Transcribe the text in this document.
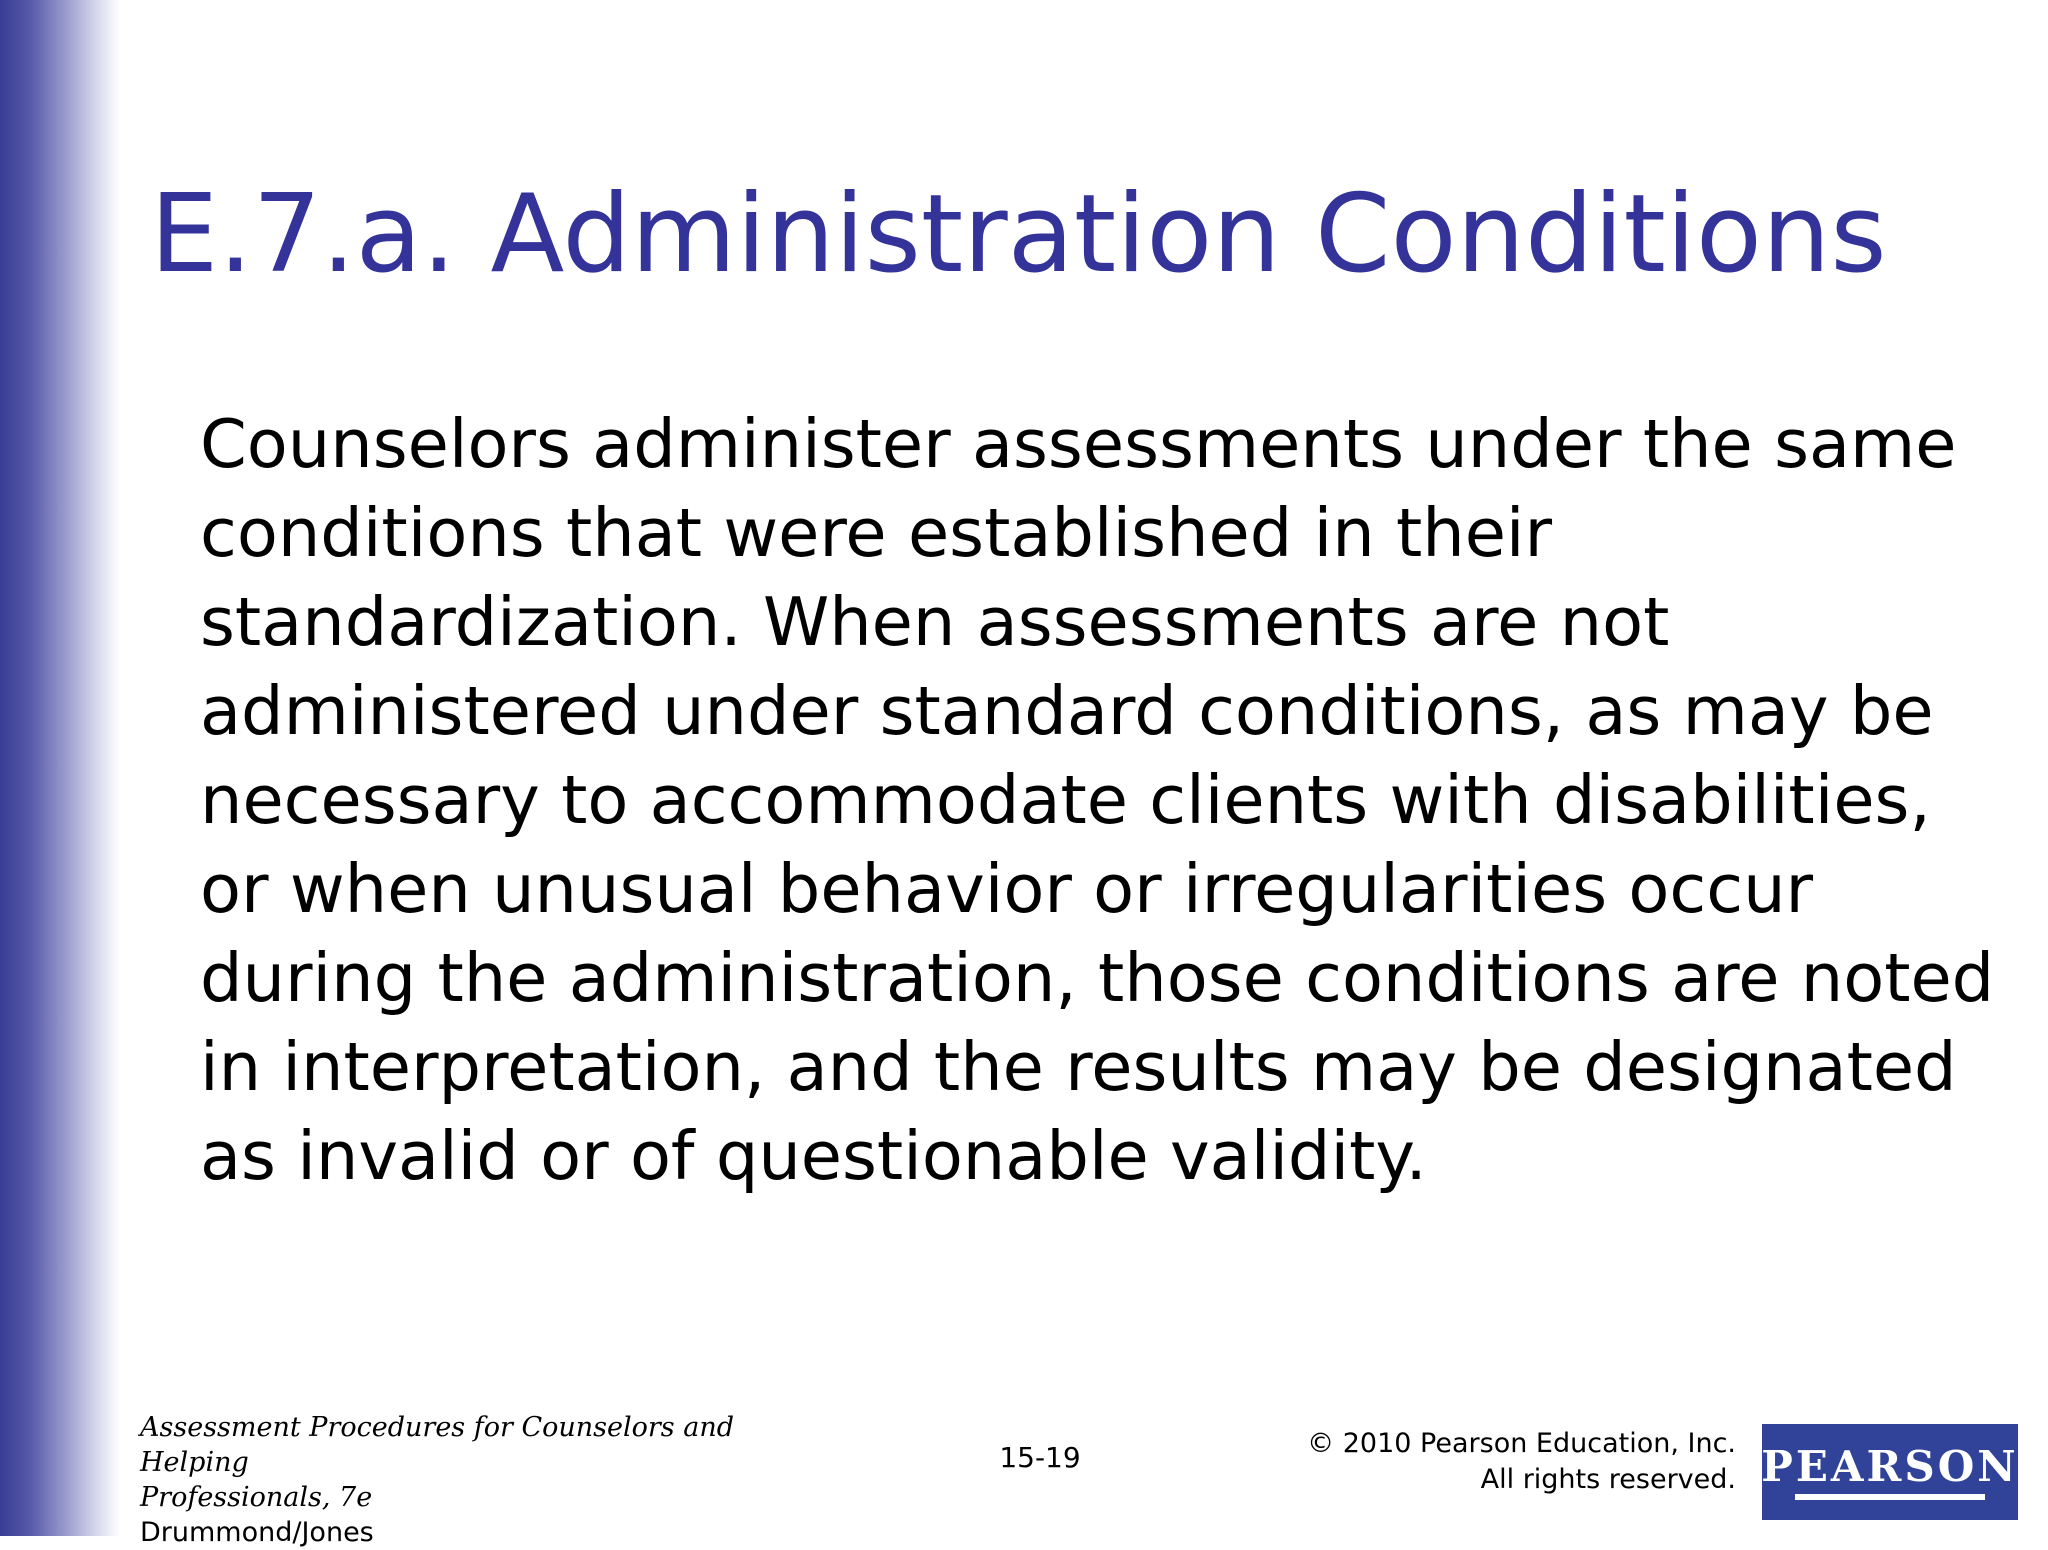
E.7.a. Administration Conditions

Counselors administer assessments under the same
conditions that were established in their
standardization. When assessments are not
administered under standard conditions, as may be
necessary to accommodate clients with disabilities,
or when unusual behavior or irregularities occur
during the administration, those conditions are noted
in interpretation, and the results may be designated
as invalid or of questionable validity.

Assessment Procedures for Counselors and Helping
Professionals, 7e
Drummond/Jones
15-19	© 2010 Pearson Education, Inc.
All rights reserved. PEARSON
